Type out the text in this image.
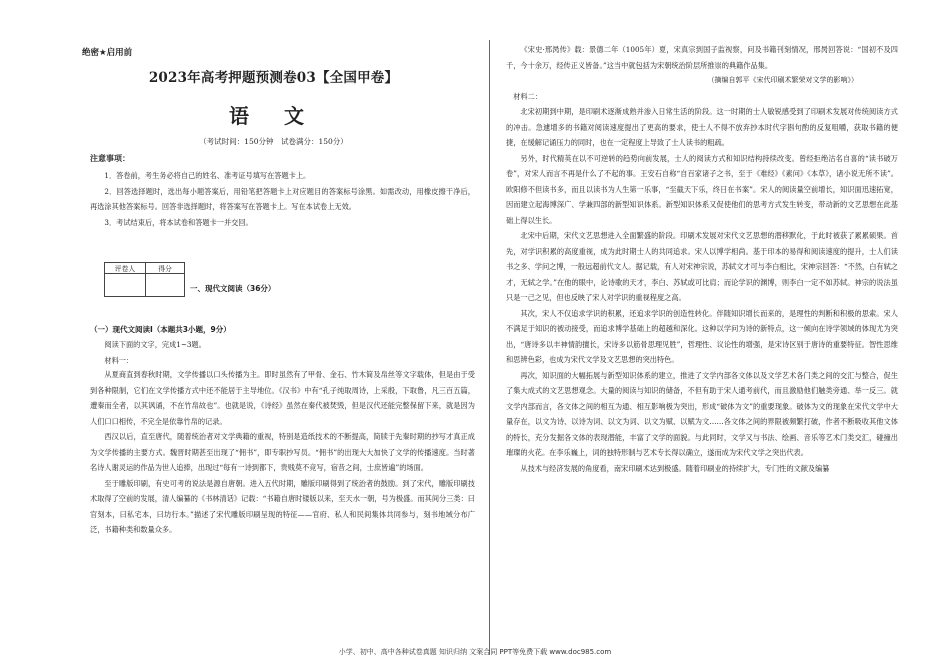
绝密★启用前
2023年高考押题预测卷03【全国甲卷】
语 文
（考试时间：150分钟　试卷满分：150分）
注意事项：

1．答卷前，考生务必将自己的姓名、准考证号填写在答题卡上。

2．回答选择题时，选出每小题答案后，用铅笔把答题卡上对应题目的答案标号涂黑。如需改动，用橡皮擦干净后，再选涂其他答案标号。回答非选择题时，将答案写在答题卡上。写在本试卷上无效。

3．考试结束后，将本试卷和答题卡一并交回。

评卷人	得分

一、现代文阅读（36分）
（一）现代文阅读Ⅰ（本题共3小题，9分）

阅读下面的文字，完成1~3题。

材料一：

从夏商直到春秋时期，文学传播以口头传播为主。即时虽然有了甲骨、金石、竹木简及帛丝等文字载体，但是由于受到各种限制，它们在文学传播方式中还不能居于主导地位。《汉书》中有“孔子纯取周诗，上采殷，下取鲁，凡三百五篇，遭秦而全者，以其讽诵，不在竹帛故也”。也就是说，《诗经》虽然在秦代被焚毁，但是汉代还能完整保留下来，就是因为人们口口相传，不完全是依靠竹帛的记录。

西汉以后，直至唐代，随着统治者对文学典籍的重视，特别是造纸技术的不断提高，简牍于先秦时期的抄写才真正成为文学传播的主要方式。魏晋时期甚至出现了“佣书”，即专职抄写员。“佣书”的出现大大加快了文学的传播速度。当时著名诗人谢灵运的作品为世人追捧，出现过“每有一诗到都下，贵贱莫不竞写，宿昔之间，士庶皆遍”的场面。

至于雕版印刷，有史可考的说法是源自唐朝。进入五代时期，雕版印刷得到了统治者的鼓励。到了宋代，雕版印刷技术取得了空前的发展，清人编纂的《书林清话》记载：“书籍自唐时镂版以来，至天水一朝，号为极盛。而其间分三类：曰官刻本，曰私宅本，曰坊行本。”描述了宋代雕版印刷呈现的特征——官府、私人和民间集体共同参与，刻书地域分布广泛，书籍种类和数量众多。

《宋史·邢昺传》载：景德二年（1005年）夏，宋真宗到国子监视察，问及书籍刊刻情况，邢昺回答说：“国初不及四千，今十余万，经传正义皆备。”这当中就包括为宋朝统治阶层所推崇的典籍作品集。

（摘编自郭平《宋代印刷术繁荣对文学的影响》）

材料二：

北宋初期到中期，是印刷术逐渐成熟并渗入日常生活的阶段。这一时期的士人敏锐感受到了印刷术发展对传统阅读方式的冲击。急遽增多的书籍对阅读速度提出了更高的要求，使士人不得不放弃抄本时代字斟句酌的反复咀嚼，获取书籍的便捷，在缓解记诵压力的同时，也在一定程度上导致了士人读书的粗疏。

另外，时代精英在以不可逆转的趋势向前发展，士人的阅读方式和知识结构持续改变。曾经拒绝沽名自喜的“读书破万卷”，对宋人而言不再是什么了不起的事。王安石自称“自百家诸子之书，至于《难经》《素问》《本草》，诸小说无所不读”。欧阳修不但读书多，而且以读书为人生第一乐事，“至截天下乐，终日在书案”。宋人的阅读量空前增长，知识面迅速拓宽，因而建立起海博深广、学兼四部的新型知识体系。新型知识体系又促使他们的思考方式发生转变，带动新的文艺思想在此基础上得以生长。

北宋中后期，宋代文艺思想进入全面繁盛的阶段。印刷术发展对宋代文艺思想的潜移默化，于此时被获了累累硕果。首先，对学识积累的高度重视，成为此时期士人的共同追求。宋人以博学相尚。基于印本的易得和阅读速度的提升，士人们读书之多、学问之博，一般远超前代文人。据记载，有人对宋神宗说，苏轼文才可与李白相比，宋神宗回答：“不然，白有轼之才，无轼之学。”在他的眼中，论诗歌的天才，李白、苏轼或可比肩；而论学识的渊博，则李白一定不如苏轼。神宗的说法虽只是一己之见，但也反映了宋人对学识的重视程度之高。

其次，宋人不仅追求学识的积累，还追求学识的创造性转化。伴随知识增长而来的，是理性的判断和积极的思索。宋人不满足于知识的被动接受，而追求博学基础上的超越和深化。这种以学问为诗的新特点，这一倾向在诗学领域的体现尤为突出，“唐诗多以丰神情韵擅长，宋诗多以筋骨思理见胜”，哲理性、议论性的增强，是宋诗区别于唐诗的重要特征。智性思维和思辨色彩，也成为宋代文学及文艺思想的突出特色。

再次，知识面的大幅拓展与新型知识体系的建立，推进了文学内部各文体以及文学艺术各门类之间的交汇与整合，促生了集大成式的文艺思想观念。大量的阅读与知识的储备，不但有助于宋人通考前代，而且激励他们触类旁通、举一反三。就文学内部而言，各文体之间的相互为通、相互影响极为突出，形成“破体为文”的重要现象。破体为文的现象在宋代文学中大量存在，以文为诗、以诗为词、以文为词、以文为赋、以赋为文……各文体之间的界限被频繁打破，作者不断吸收其他文体的特长，充分发掘各文体的表现潜能，丰富了文学的面貌。与此同时，文学又与书法、绘画、音乐等艺术门类交汇，碰撞出璀璨的火花。在李乐巍上，词的独特形制与艺术专长得以确立，遂而成为宋代文学之突出代表。

从技术与经济发展的角度看，南宋印刷术达到极盛。随着印刷业的持续扩大，专门性的文献及编纂

小学、初中、高中各种试卷真题 知识归纳 文案合同 PPT等免费下载 www.doc985.com
